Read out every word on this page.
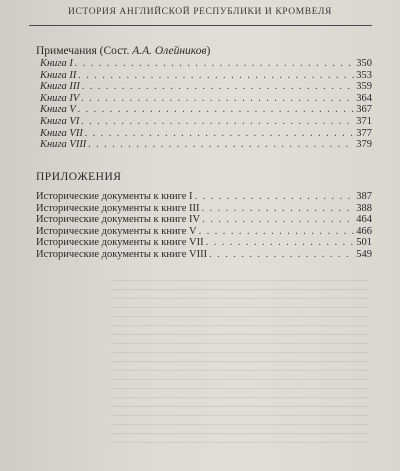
ИСТОРИЯ АНГЛИЙСКОЙ РЕСПУБЛИКИ И КРОМВЕЛЯ
Примечания (Сост. А.А. Олейников)
Книга I . . .	350
Книга II . . .	353
Книга III . . .	359
Книга IV . . .	364
Книга V . . .	367
Книга VI . . .	371
Книга VII . . .	377
Книга VIII . . .	379
ПРИЛОЖЕНИЯ
Исторические документы к книге I . . .	387
Исторические документы к книге III . . .	388
Исторические документы к книге IV . . .	464
Исторические документы к книге V . . .	466
Исторические документы к книге VII . . .	501
Исторические документы к книге VIII . . .	549
